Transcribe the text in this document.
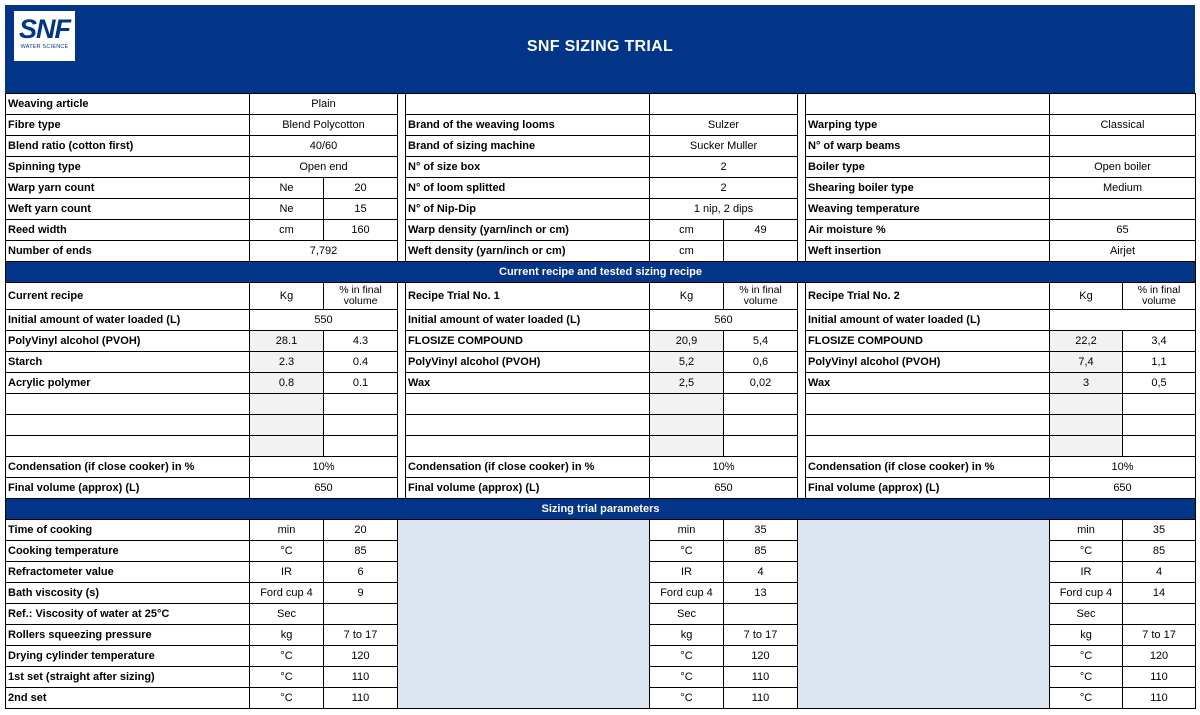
SNF
WATER SCIENCE	SNF SIZING TRIAL
Weaving article	Plain									
Fibre type	Blend Polycotton			Brand of the weaving looms	Sulzer			Warping type	Classical	
Blend ratio (cotton first)	40/60			Brand of sizing machine	Sucker Muller			N° of warp beams		
Spinning type	Open end			N° of size box	2			Boiler type	Open boiler	
Warp yarn count	Ne	20		N° of loom splitted	2			Shearing boiler type	Medium	
Weft yarn count	Ne	15		N° of Nip-Dip	1 nip, 2 dips			Weaving temperature		
Reed width	cm	160		Warp density (yarn/inch or cm)	cm	49		Air moisture %	65	
Number of ends	7,792			Weft density (yarn/inch or cm)	cm			Weft insertion	Airjet	
Current recipe and tested sizing recipe										
Current recipe	Kg	% in final volume		Recipe Trial No. 1	Kg	% in final volume		Recipe Trial No. 2	Kg	% in final volume
Initial amount of water loaded (L)	550			Initial amount of water loaded (L)	560			Initial amount of water loaded (L)		
PolyVinyl alcohol (PVOH)	28.1	4.3		FLOSIZE COMPOUND	20,9	5,4		FLOSIZE COMPOUND	22,2	3,4
Starch	2.3	0.4		PolyVinyl alcohol (PVOH)	5,2	0,6		PolyVinyl alcohol (PVOH)	7,4	1,1
Acrylic polymer	0.8	0.1		Wax	2,5	0,02		Wax	3	0,5

Condensation (if close cooker) in %	10%			Condensation (if close cooker) in %	10%			Condensation (if close cooker) in %	10%	
Final volume (approx) (L)	650			Final volume (approx) (L)	650			Final volume (approx) (L)	650	
Sizing trial parameters										
Time of cooking	min	20			min	35			min	35
Cooking temperature	°C	85			°C	85			°C	85
Refractometer value	IR	6			IR	4			IR	4
Bath viscosity (s)	Ford cup 4	9			Ford cup 4	13			Ford cup 4	14
Ref.: Viscosity of water at 25°C	Sec				Sec				Sec	
Rollers squeezing pressure	kg	7 to 17			kg	7 to 17			kg	7 to 17
Drying cylinder temperature	°C	120			°C	120			°C	120
1st set (straight after sizing)	°C	110			°C	110			°C	110
2nd set	°C	110			°C	110			°C	110
